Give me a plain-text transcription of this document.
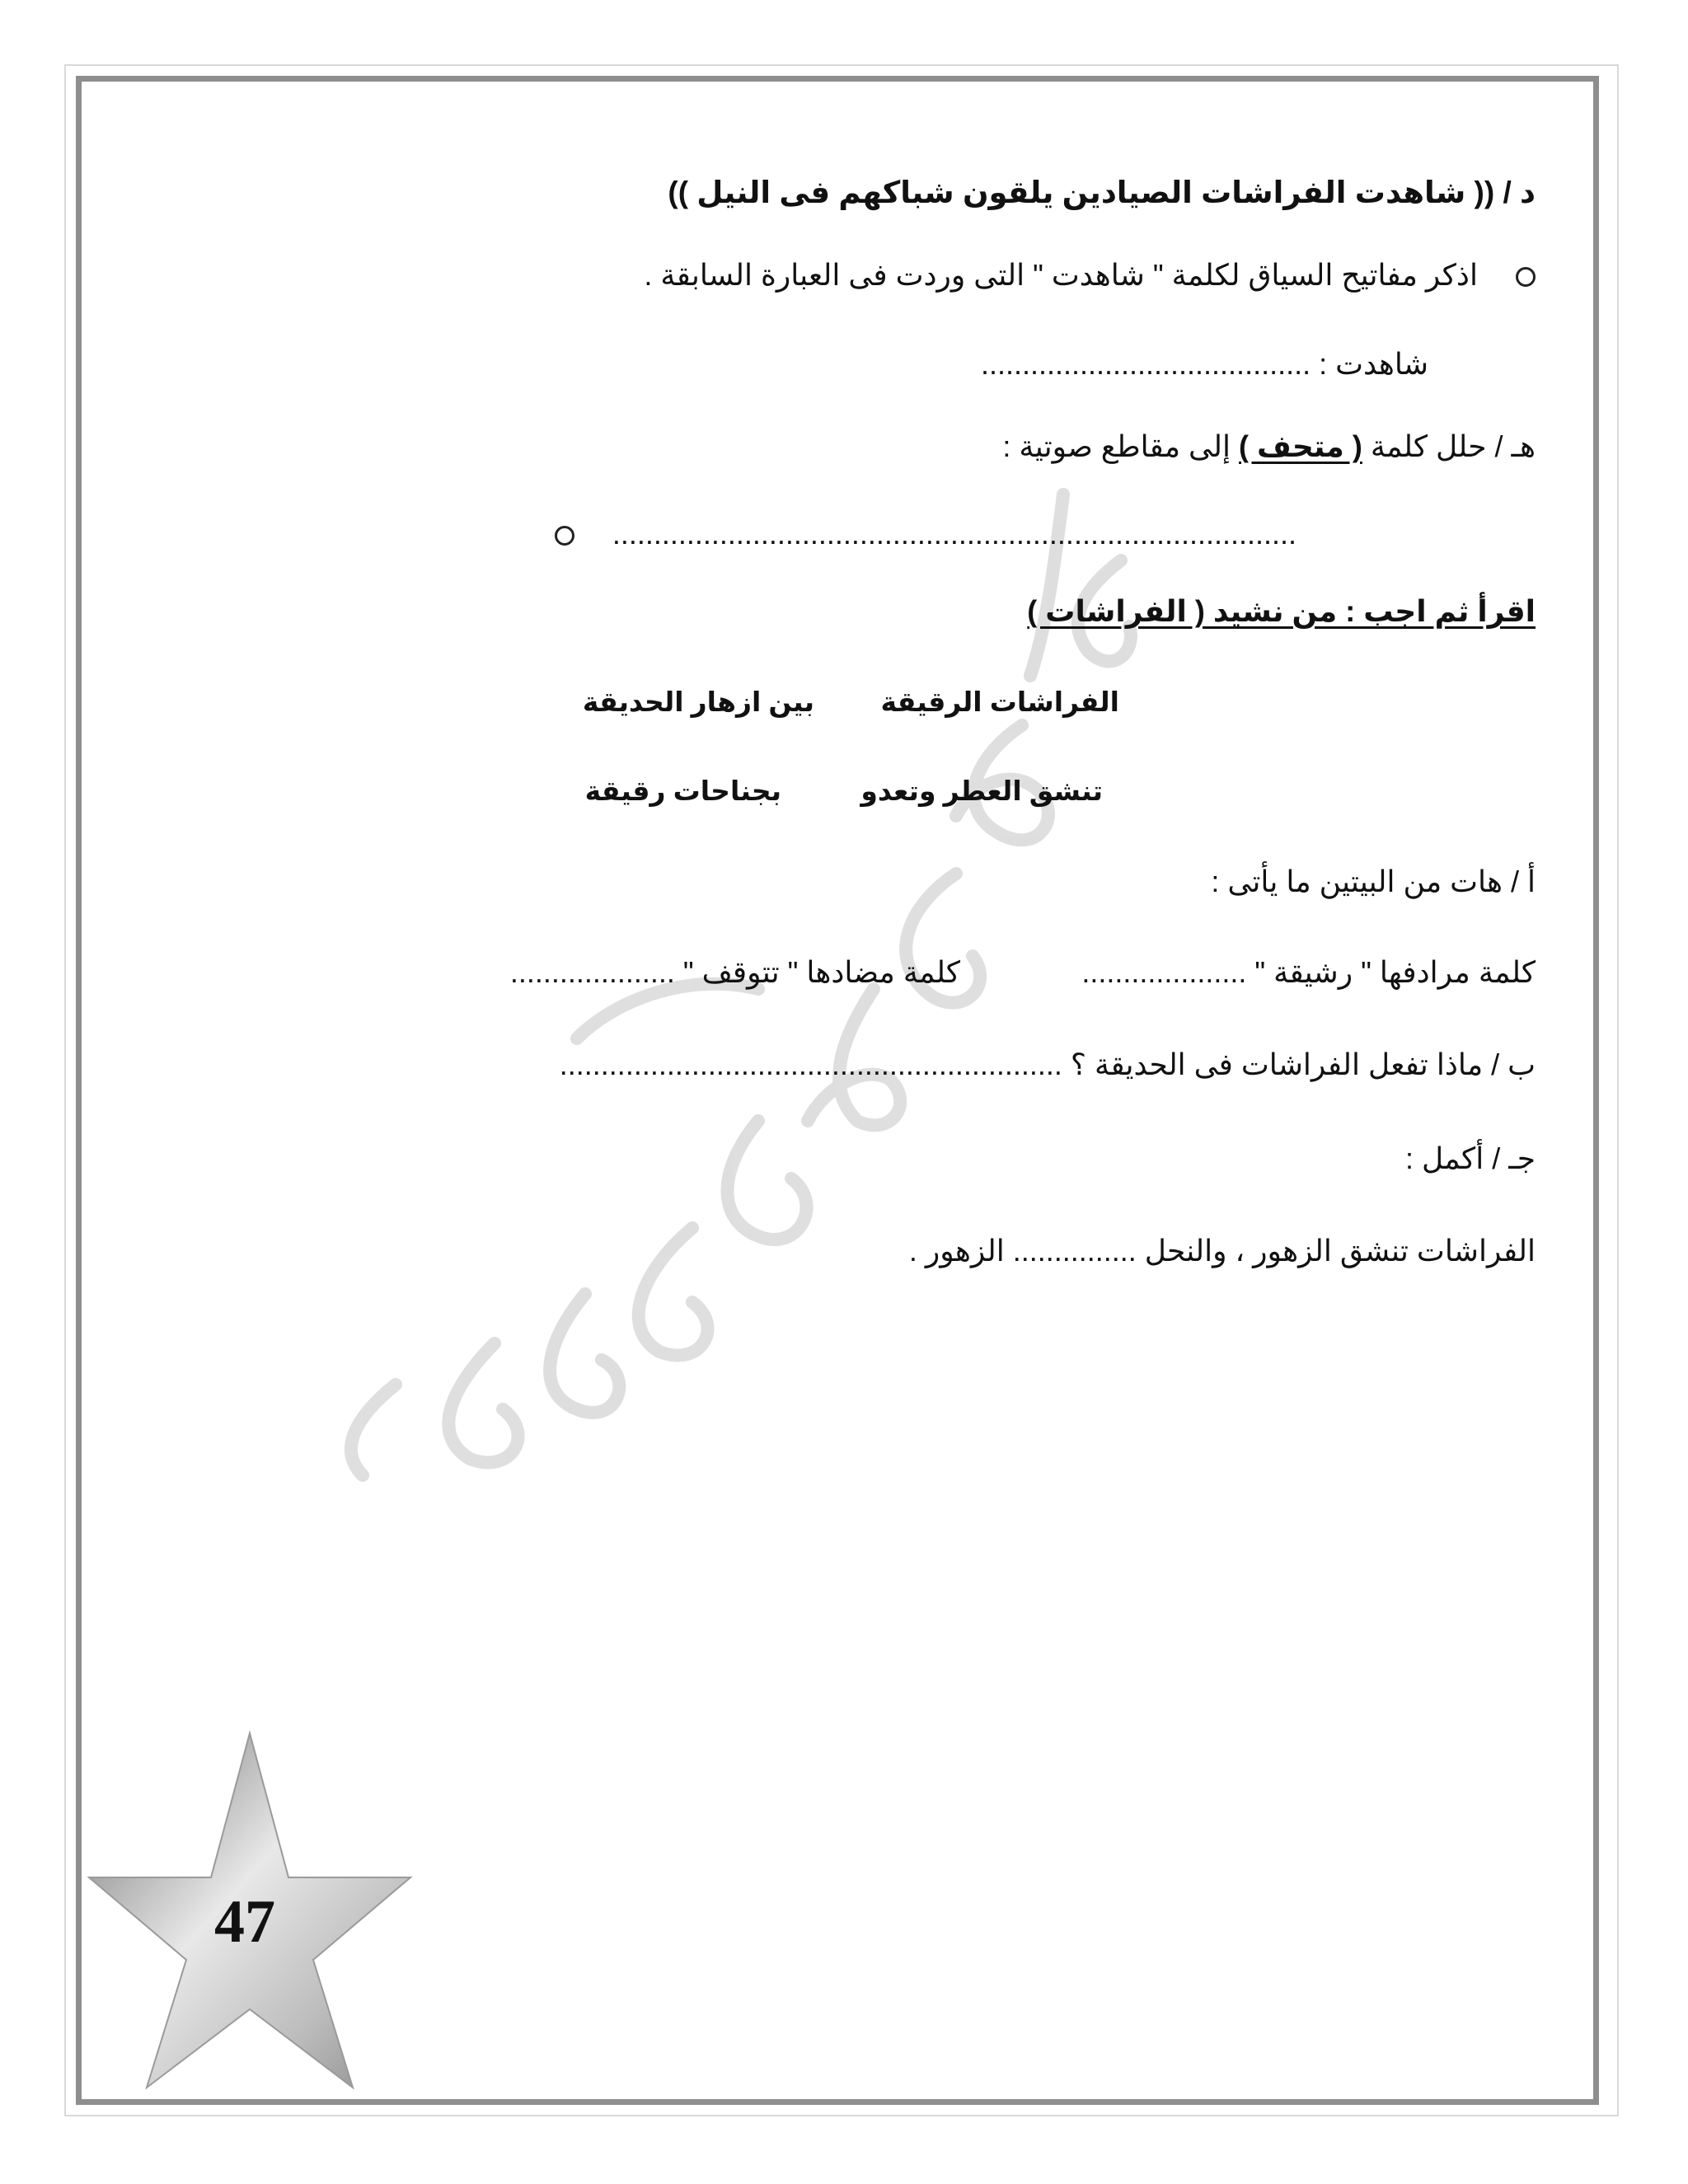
د / (( شاهدت الفراشات الصيادين يلقون شباكهم فى النيل ))
اذكر مفاتيح السياق لكلمة " شاهدت " التى وردت فى العبارة السابقة .
شاهدت : ........................................
هـ / حلل كلمة ( متحف ) إلى مقاطع صوتية :
...................................................................................
اقرأ ثم اجب : من نشيد ( الفراشات )
الفراشات الرقيقة
بين ازهار الحديقة
تنشق العطر وتعدو
بجناحات رقيقة
أ / هات من البيتين ما يأتى :
كلمة مرادفها " رشيقة " ....................
كلمة مضادها " تتوقف " ....................
ب / ماذا تفعل الفراشات فى الحديقة ؟ .............................................................
جـ / أكمل :
الفراشات تنشق الزهور ، والنحل ............... الزهور .
47
